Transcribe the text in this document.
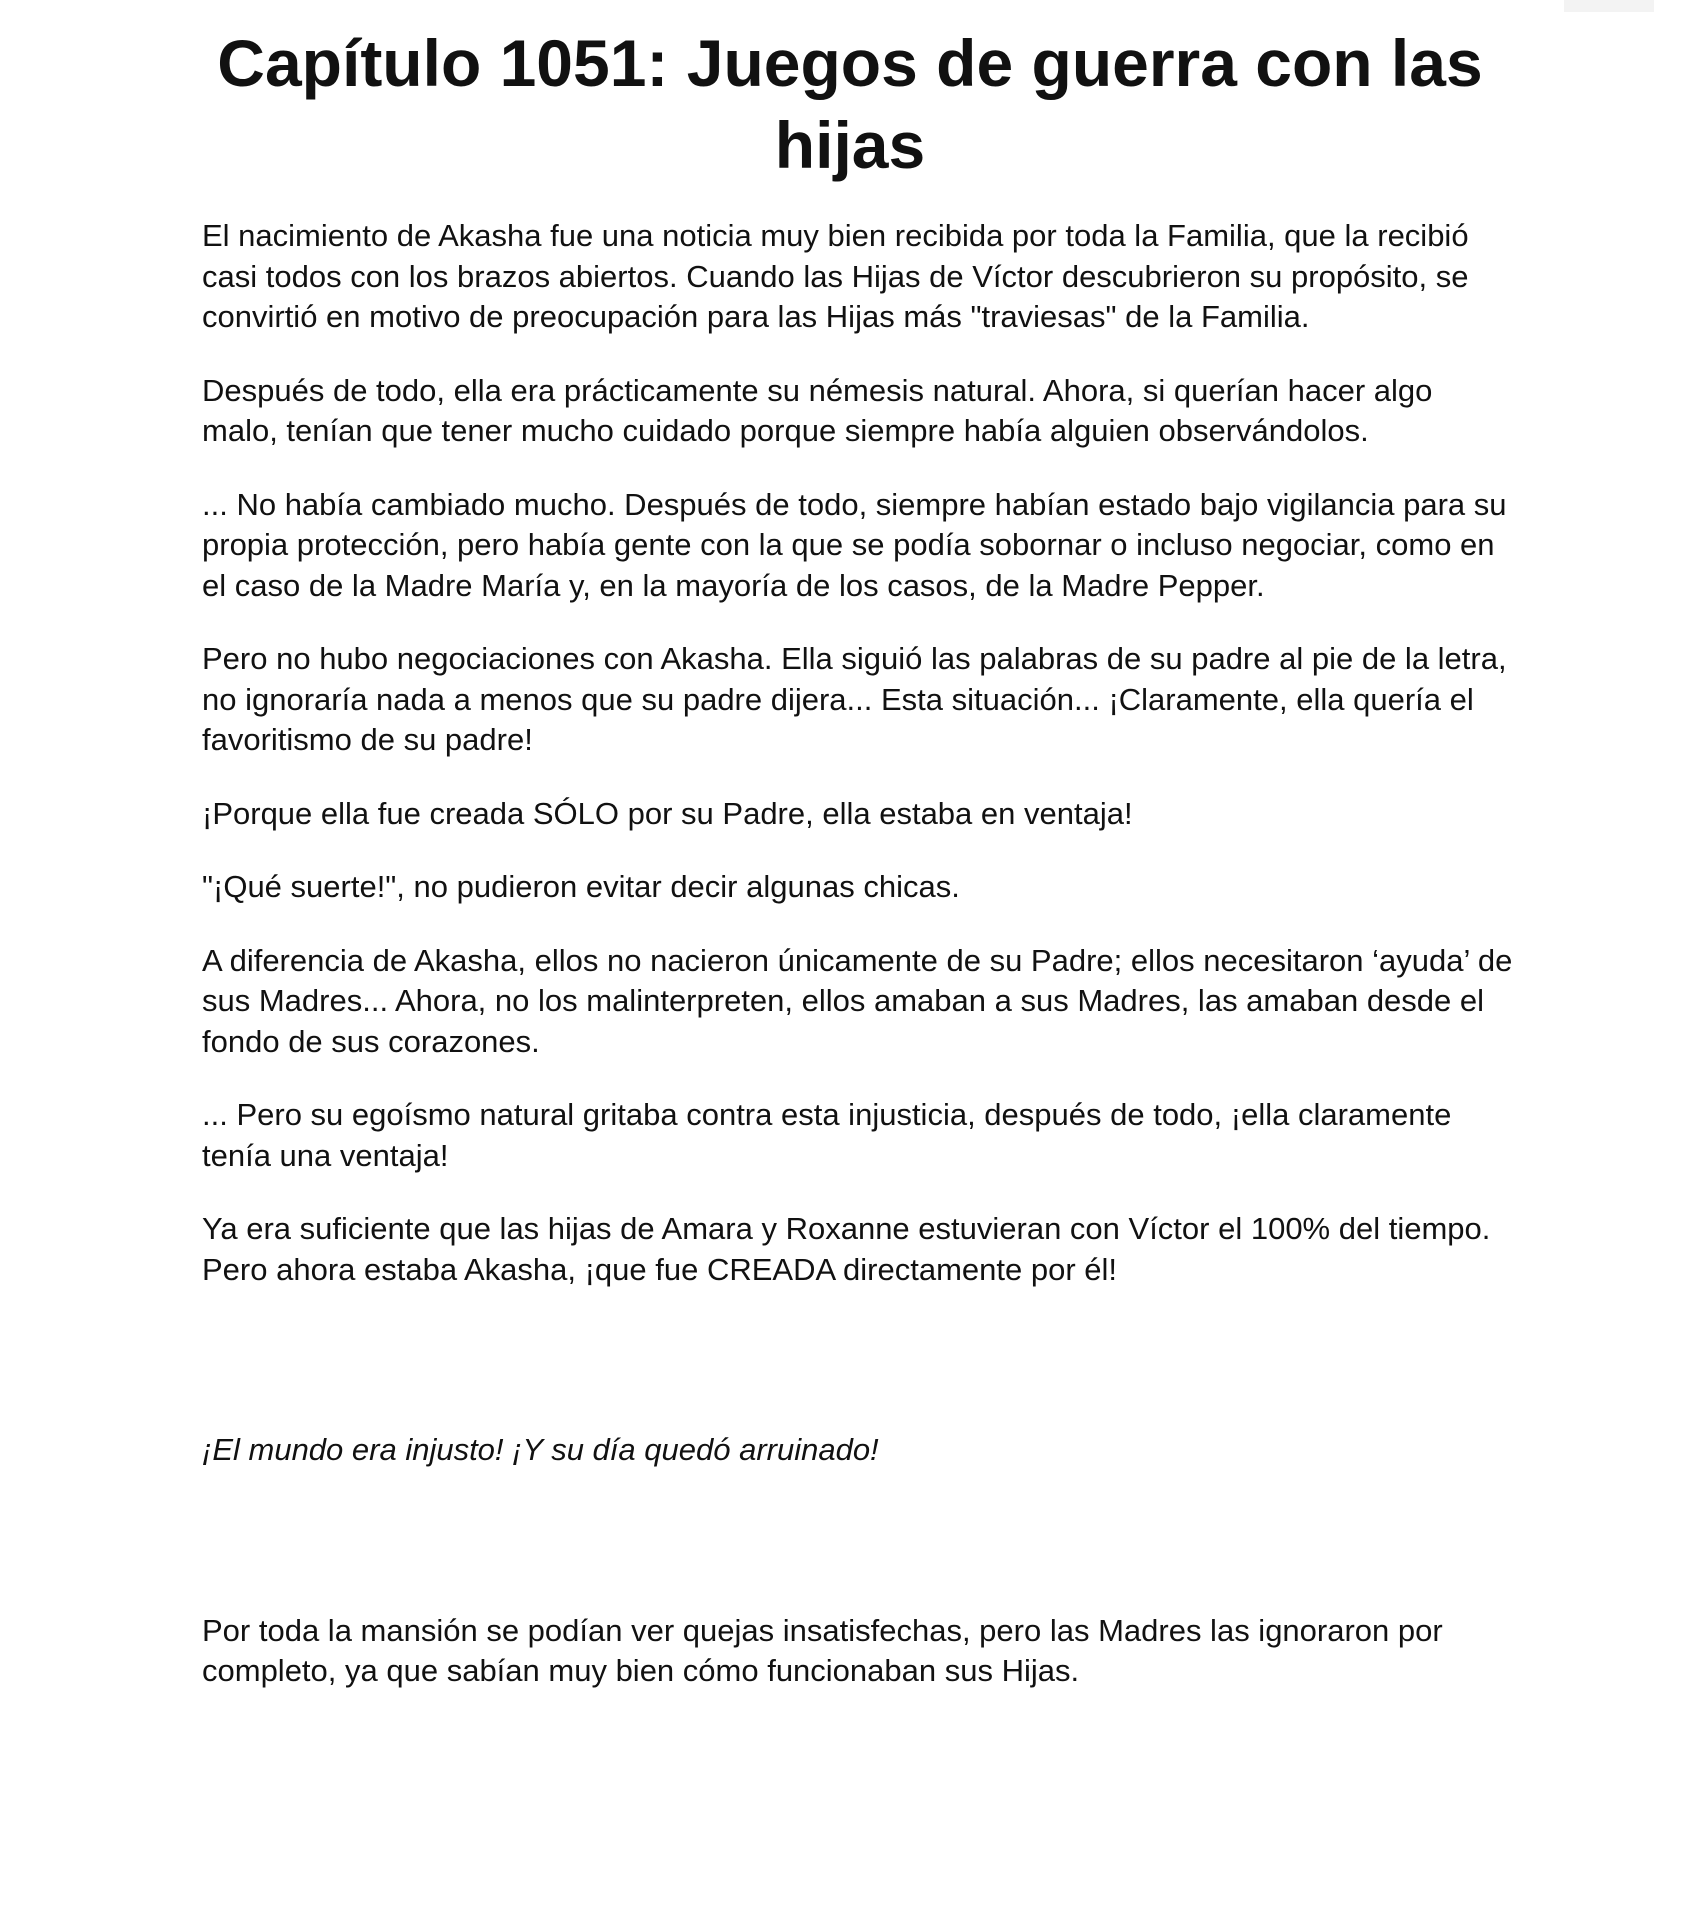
Capítulo 1051: Juegos de guerra con las hijas

El nacimiento de Akasha fue una noticia muy bien recibida por toda la Familia, que la recibió casi todos con los brazos abiertos. Cuando las Hijas de Víctor descubrieron su propósito, se convirtió en motivo de preocupación para las Hijas más "traviesas" de la Familia.

Después de todo, ella era prácticamente su némesis natural. Ahora, si querían hacer algo malo, tenían que tener mucho cuidado porque siempre había alguien observándolos.

... No había cambiado mucho. Después de todo, siempre habían estado bajo vigilancia para su propia protección, pero había gente con la que se podía sobornar o incluso negociar, como en el caso de la Madre María y, en la mayoría de los casos, de la Madre Pepper.

Pero no hubo negociaciones con Akasha. Ella siguió las palabras de su padre al pie de la letra, no ignoraría nada a menos que su padre dijera... Esta situación... ¡Claramente, ella quería el favoritismo de su padre!

¡Porque ella fue creada SÓLO por su Padre, ella estaba en ventaja!

"¡Qué suerte!", no pudieron evitar decir algunas chicas.

A diferencia de Akasha, ellos no nacieron únicamente de su Padre; ellos necesitaron ‘ayuda’ de sus Madres... Ahora, no los malinterpreten, ellos amaban a sus Madres, las amaban desde el fondo de sus corazones.

... Pero su egoísmo natural gritaba contra esta injusticia, después de todo, ¡ella claramente tenía una ventaja!

Ya era suficiente que las hijas de Amara y Roxanne estuvieran con Víctor el 100% del tiempo. Pero ahora estaba Akasha, ¡que fue CREADA directamente por él!

¡El mundo era injusto! ¡Y su día quedó arruinado!

Por toda la mansión se podían ver quejas insatisfechas, pero las Madres las ignoraron por completo, ya que sabían muy bien cómo funcionaban sus Hijas.
